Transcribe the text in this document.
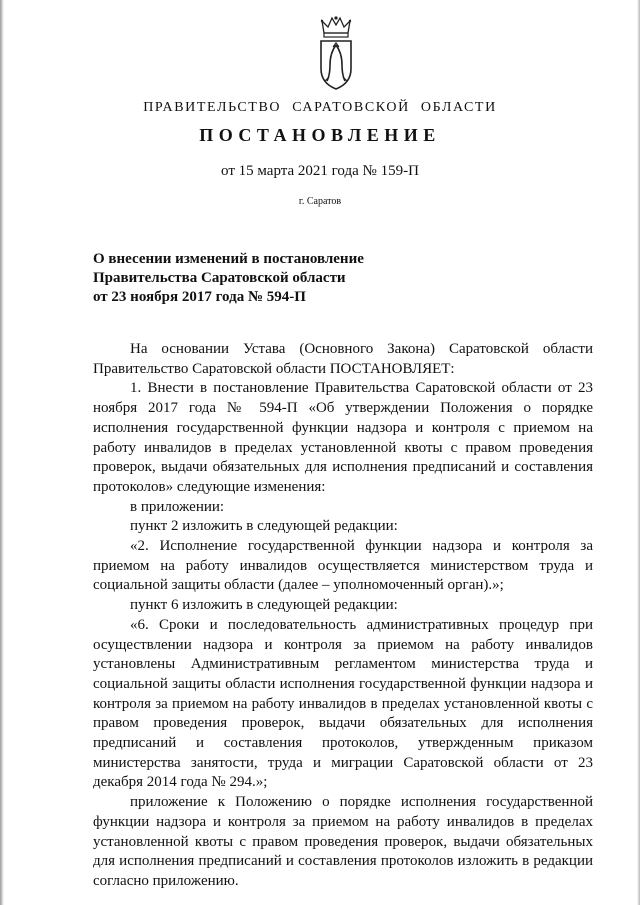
ПРАВИТЕЛЬСТВО САРАТОВСКОЙ ОБЛАСТИ
ПОСТАНОВЛЕНИЕ
от 15 марта 2021 года № 159-П
г. Саратов
О внесении изменений в постановление
Правительства Саратовской области
от 23 ноября 2017 года № 594-П

На основании Устава (Основного Закона) Саратовской области Правительство Саратовской области ПОСТАНОВЛЯЕТ:

1. Внести в постановление Правительства Саратовской области от 23 ноября 2017 года № 594-П «Об утверждении Положения о порядке исполнения государственной функции надзора и контроля с приемом на работу инвалидов в пределах установленной квоты с правом проведения проверок, выдачи обязательных для исполнения предписаний и составления протоколов» следующие изменения:

в приложении:

пункт 2 изложить в следующей редакции:

«2. Исполнение государственной функции надзора и контроля за приемом на работу инвалидов осуществляется министерством труда и социальной защиты области (далее – уполномоченный орган).»;

пункт 6 изложить в следующей редакции:

«6. Сроки и последовательность административных процедур при осуществлении надзора и контроля за приемом на работу инвалидов установлены Административным регламентом министерства труда и социальной защиты области исполнения государственной функции надзора и контроля за приемом на работу инвалидов в пределах установленной квоты с правом проведения проверок, выдачи обязательных для исполнения предписаний и составления протоколов, утвержденным приказом министерства занятости, труда и миграции Саратовской области от 23 декабря 2014 года № 294.»;

приложение к Положению о порядке исполнения государственной функции надзора и контроля за приемом на работу инвалидов в пределах установленной квоты с правом проведения проверок, выдачи обязательных для исполнения предписаний и составления протоколов изложить в редакции согласно приложению.
